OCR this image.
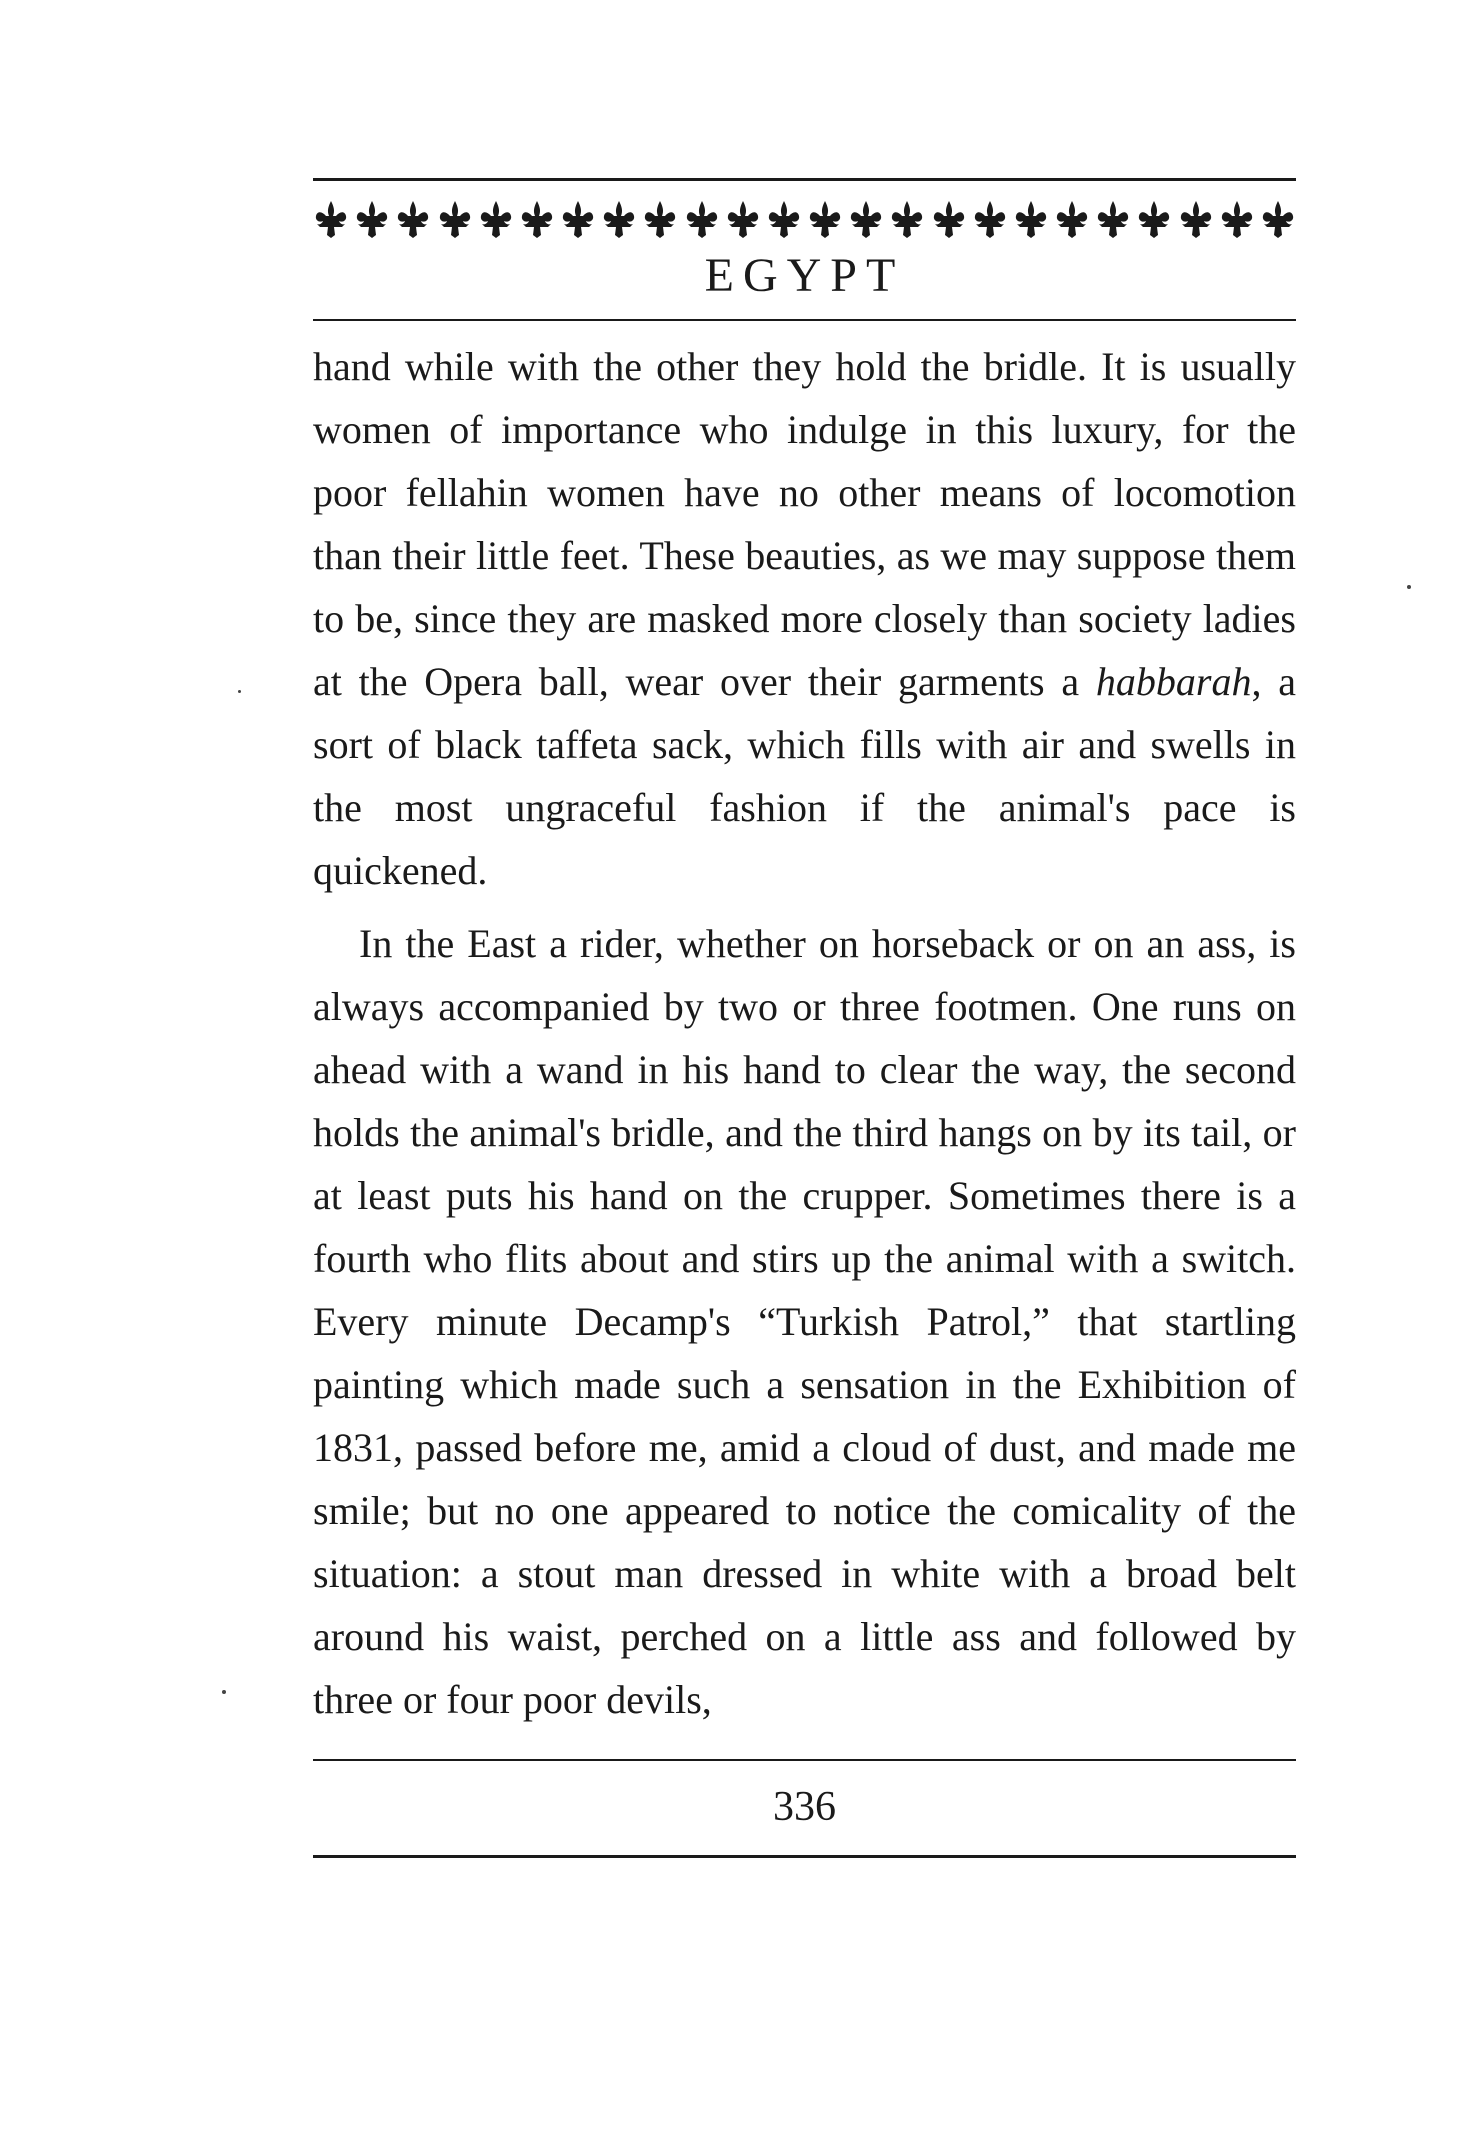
EGYPT

hand while with the other they hold the bridle. It is usually women of importance who indulge in this luxury, for the poor fellahin women have no other means of locomotion than their little feet. These beauties, as we may suppose them to be, since they are masked more closely than society ladies at the Opera ball, wear over their garments a habbarah, a sort of black taffeta sack, which fills with air and swells in the most ungraceful fashion if the animal's pace is quickened.

In the East a rider, whether on horseback or on an ass, is always accompanied by two or three footmen. One runs on ahead with a wand in his hand to clear the way, the second holds the animal's bridle, and the third hangs on by its tail, or at least puts his hand on the crupper. Sometimes there is a fourth who flits about and stirs up the animal with a switch. Every minute Decamp's “Turkish Patrol,” that startling painting which made such a sensation in the Exhibition of 1831, passed before me, amid a cloud of dust, and made me smile; but no one appeared to notice the comicality of the situation: a stout man dressed in white with a broad belt around his waist, perched on a little ass and followed by three or four poor devils,

336
